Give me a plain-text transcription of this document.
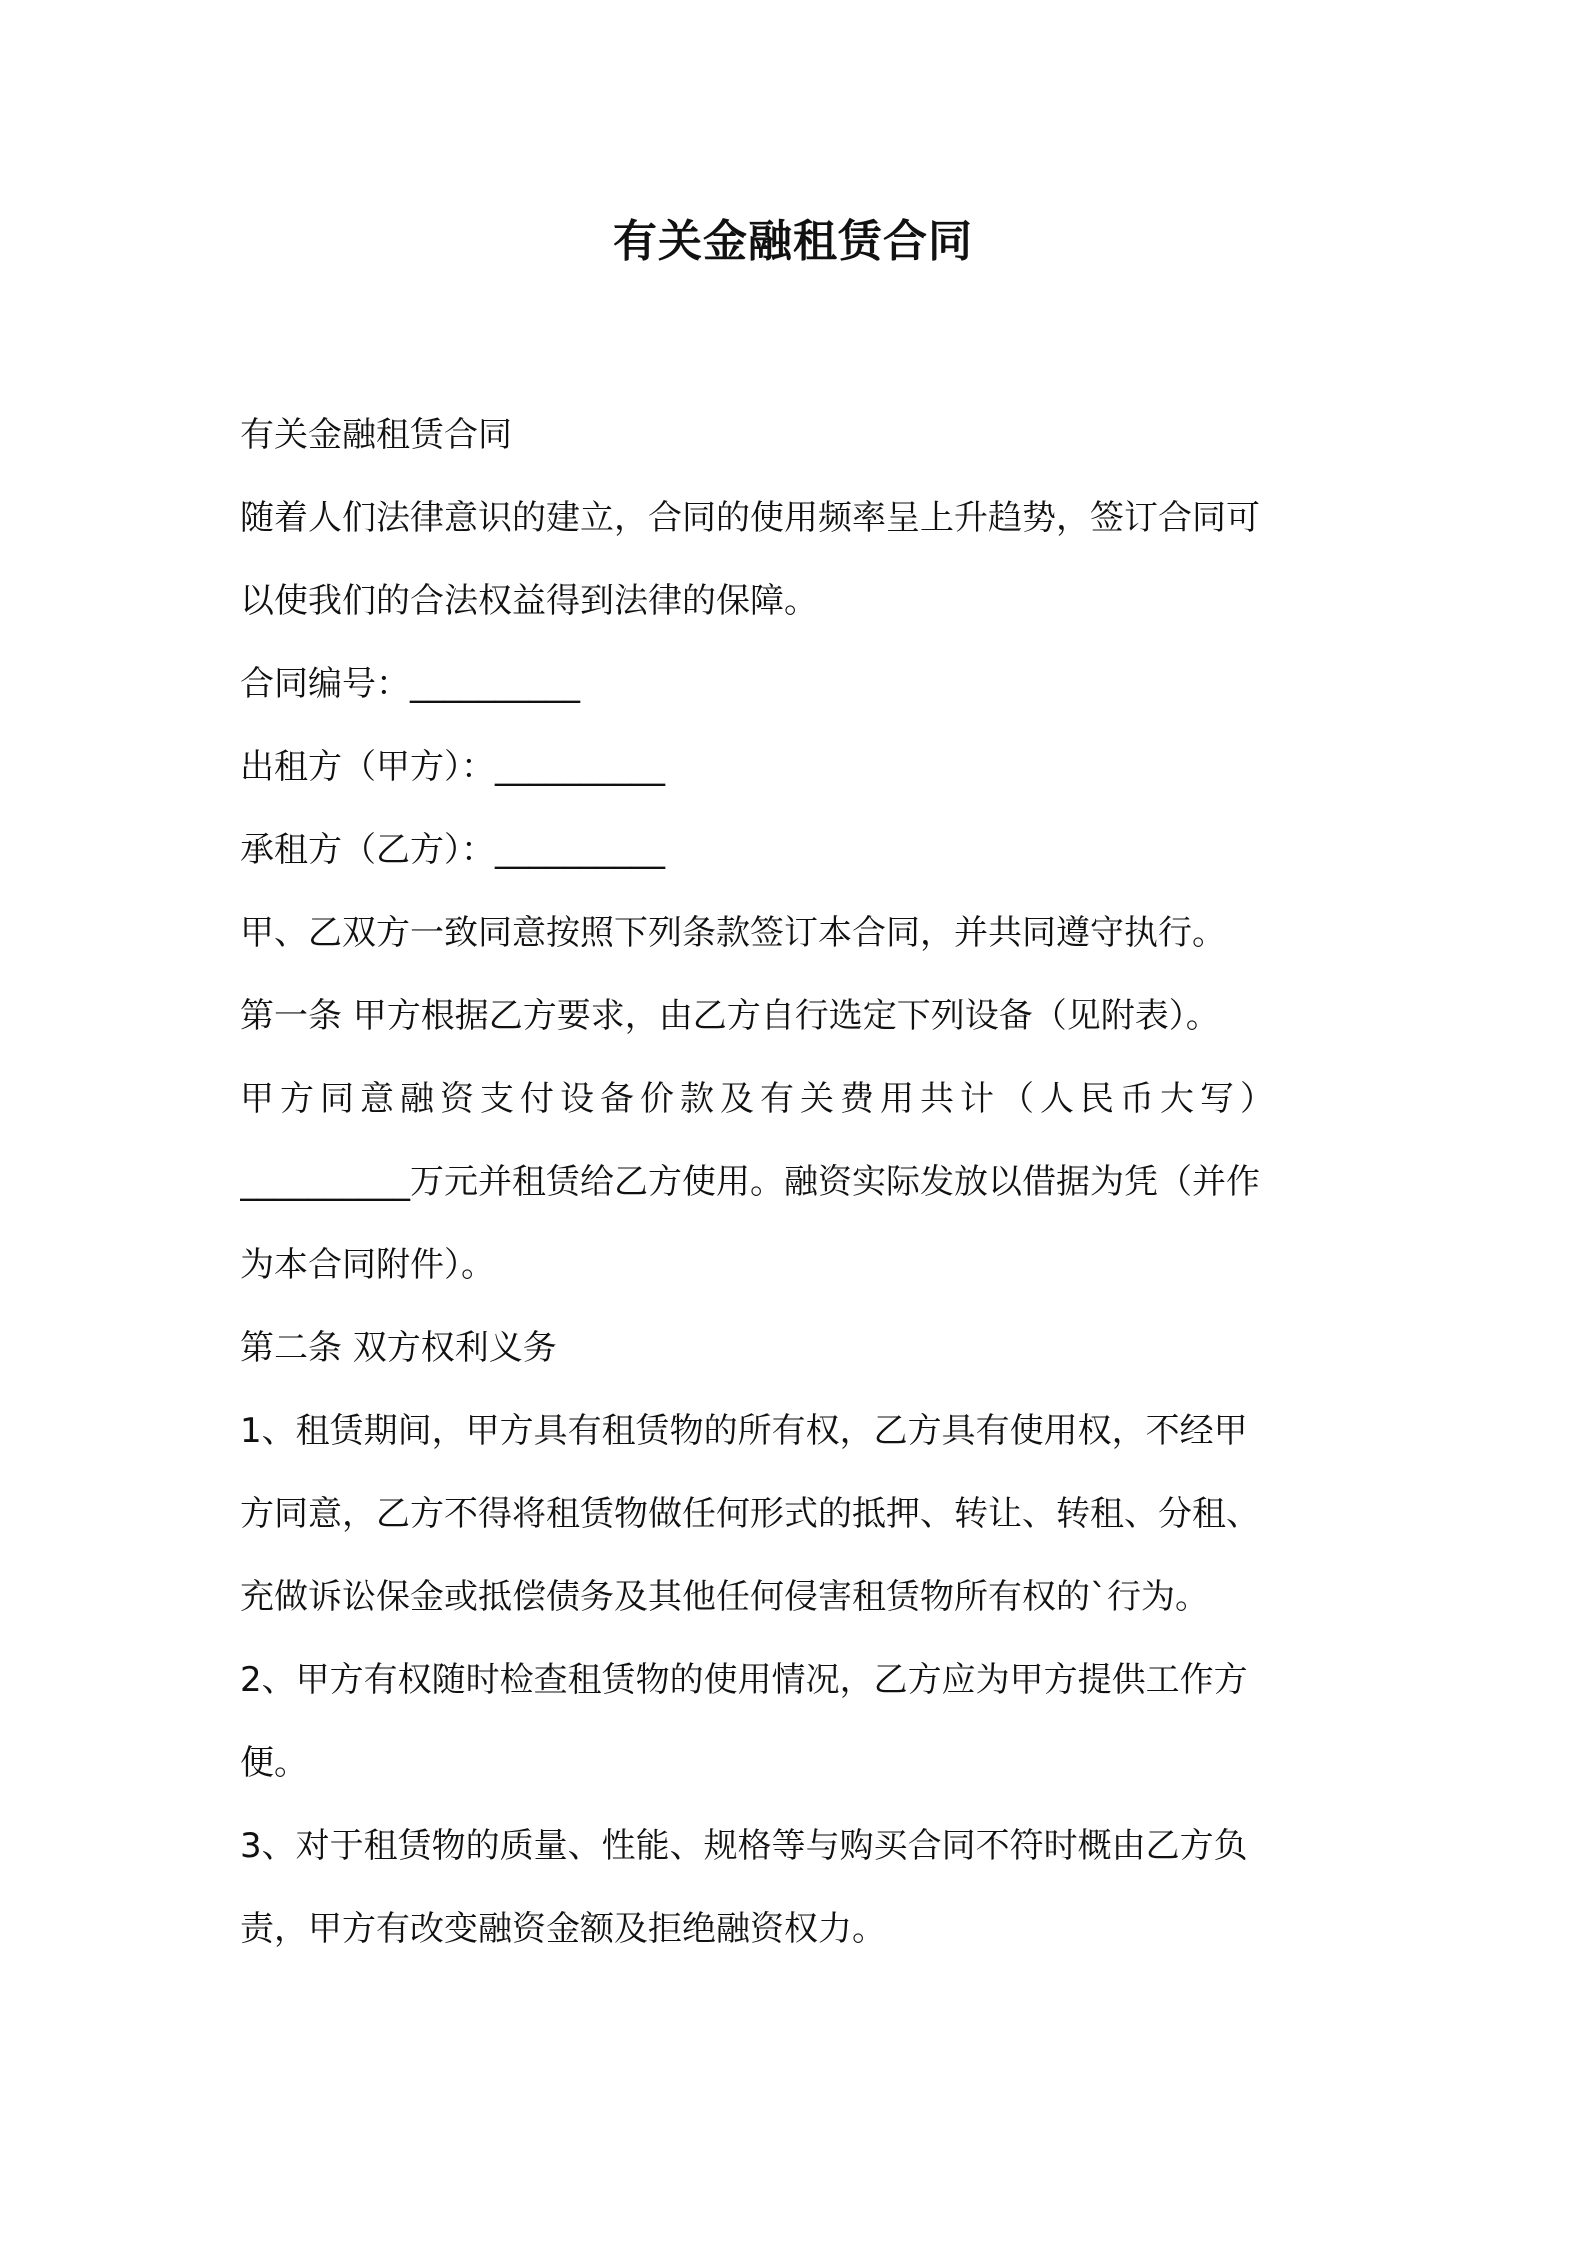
有关金融租赁合同
有关金融租赁合同
随着人们法律意识的建立，合同的使用频率呈上升趋势，签订合同可
以使我们的合法权益得到法律的保障。
合同编号：__________
出租方（甲方）：__________
承租方（乙方）：__________
甲、乙双方一致同意按照下列条款签订本合同，并共同遵守执行。
第一条 甲方根据乙方要求，由乙方自行选定下列设备（见附表）。
甲方同意融资支付设备价款及有关费用共计（人民币大写）
__________万元并租赁给乙方使用。融资实际发放以借据为凭（并作
为本合同附件）。
第二条 双方权利义务
1、租赁期间，甲方具有租赁物的所有权，乙方具有使用权，不经甲
方同意，乙方不得将租赁物做任何形式的抵押、转让、转租、分租、
充做诉讼保金或抵偿债务及其他任何侵害租赁物所有权的`行为。
2、甲方有权随时检查租赁物的使用情况，乙方应为甲方提供工作方
便。
3、对于租赁物的质量、性能、规格等与购买合同不符时概由乙方负
责，甲方有改变融资金额及拒绝融资权力。
